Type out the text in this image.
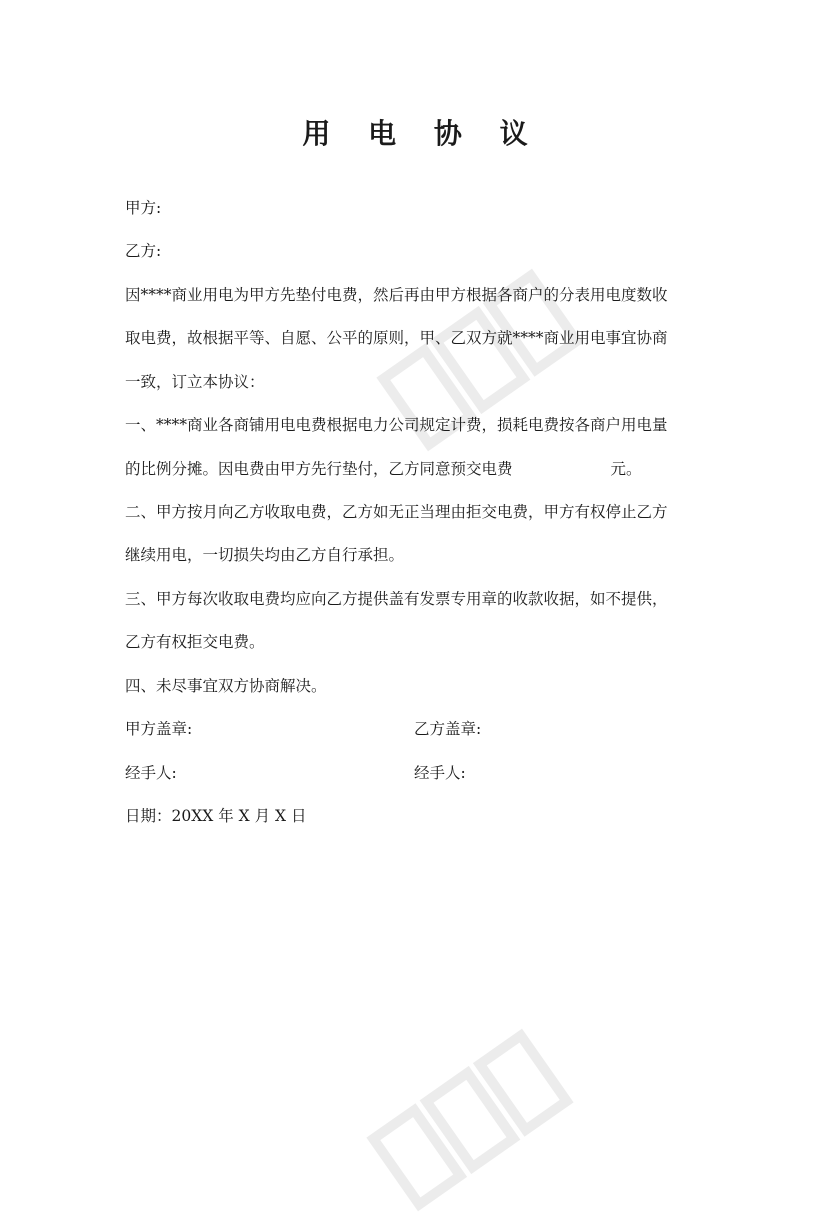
用 电 协 议
甲方:
乙方:
因****商业用电为甲方先垫付电费，然后再由甲方根据各商户的分表用电度数收
取电费，故根据平等、自愿、公平的原则，甲、乙双方就****商业用电事宜协商
一致，订立本协议：
一、****商业各商铺用电电费根据电力公司规定计费，损耗电费按各商户用电量
的比例分摊。因电费由甲方先行垫付，乙方同意预交电费	元。
二、甲方按月向乙方收取电费，乙方如无正当理由拒交电费，甲方有权停止乙方
继续用电，一切损失均由乙方自行承担。
三、甲方每次收取电费均应向乙方提供盖有发票专用章的收款收据，如不提供，
乙方有权拒交电费。
四、未尽事宜双方协商解决。
甲方盖章:	乙方盖章:
经手人:	经手人:
日期：20XX 年 X 月 X 日
